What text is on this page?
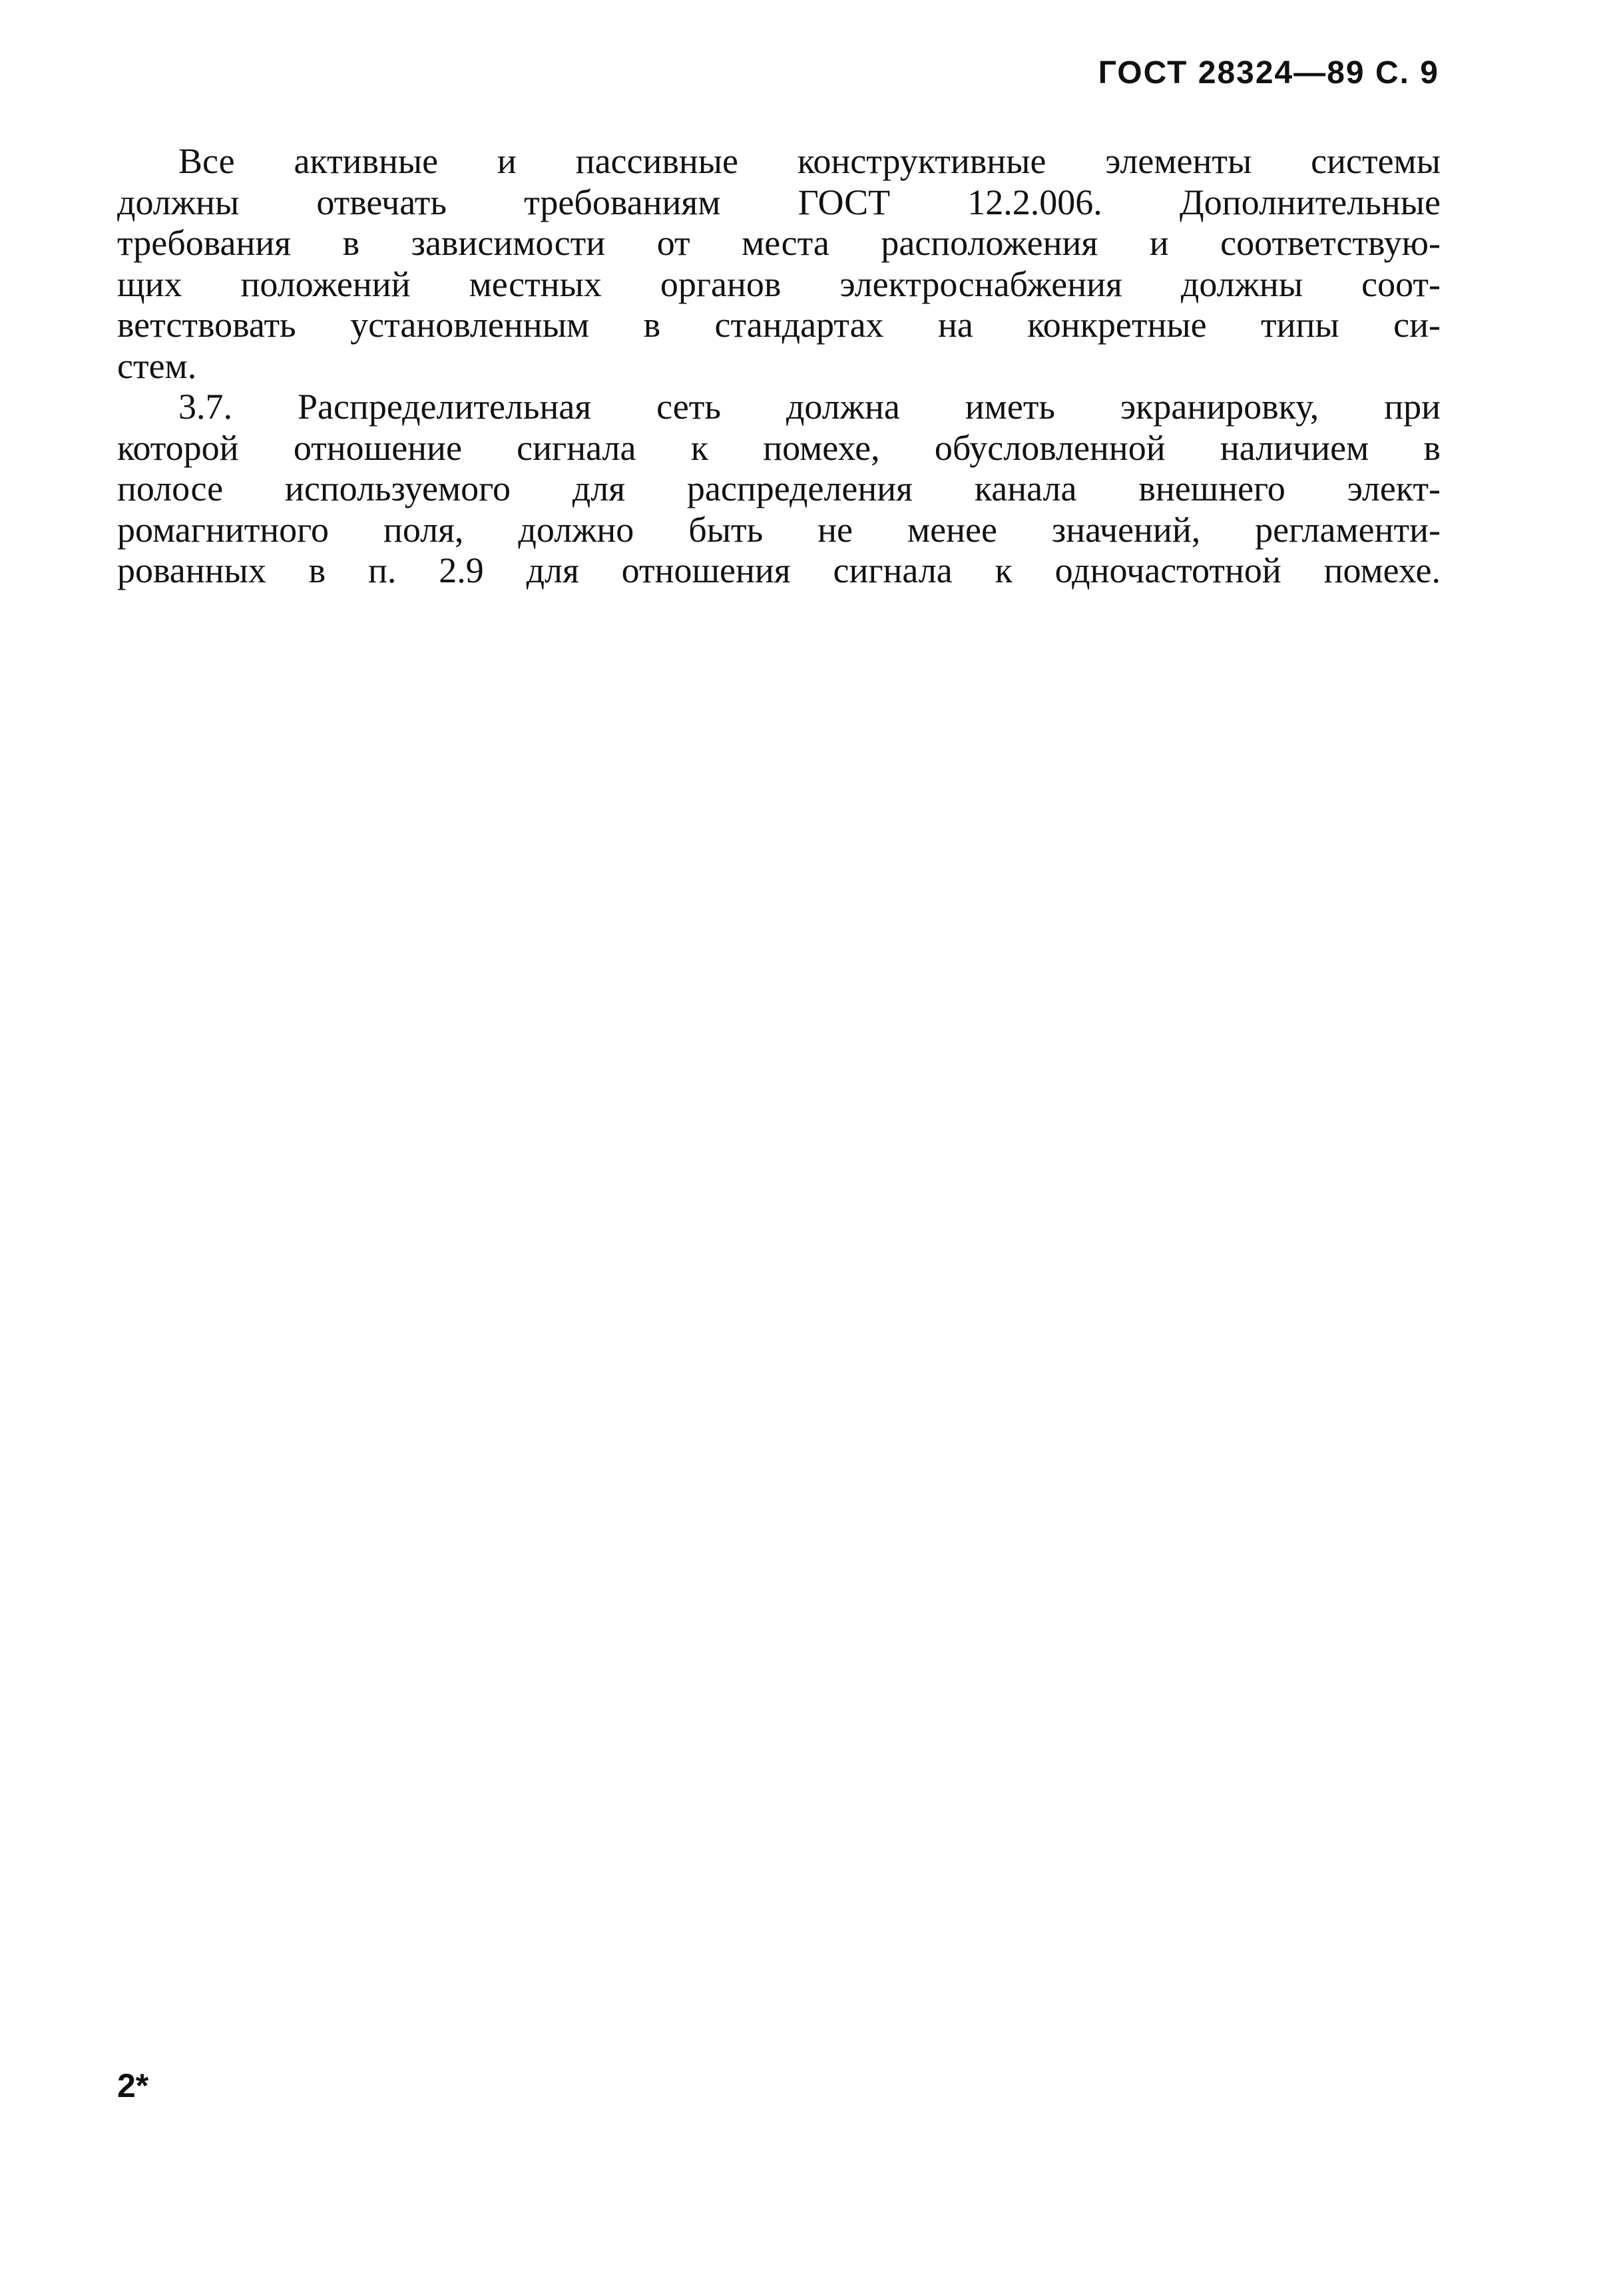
ГОСТ 28324—89 С. 9
Все активные и пассивные конструктивные элементы системы
должны отвечать требованиям ГОСТ 12.2.006. Дополнительные
требования в зависимости от места расположения и соответствую-
щих положений местных органов электроснабжения должны соот-
ветствовать установленным в стандартах на конкретные типы си-
стем.
3.7. Распределительная сеть должна иметь экранировку, при
которой отношение сигнала к помехе, обусловленной наличием в
полосе используемого для распределения канала внешнего элект-
ромагнитного поля, должно быть не менее значений, регламенти-
рованных в п. 2.9 для отношения сигнала к одночастотной помехе.
2*
